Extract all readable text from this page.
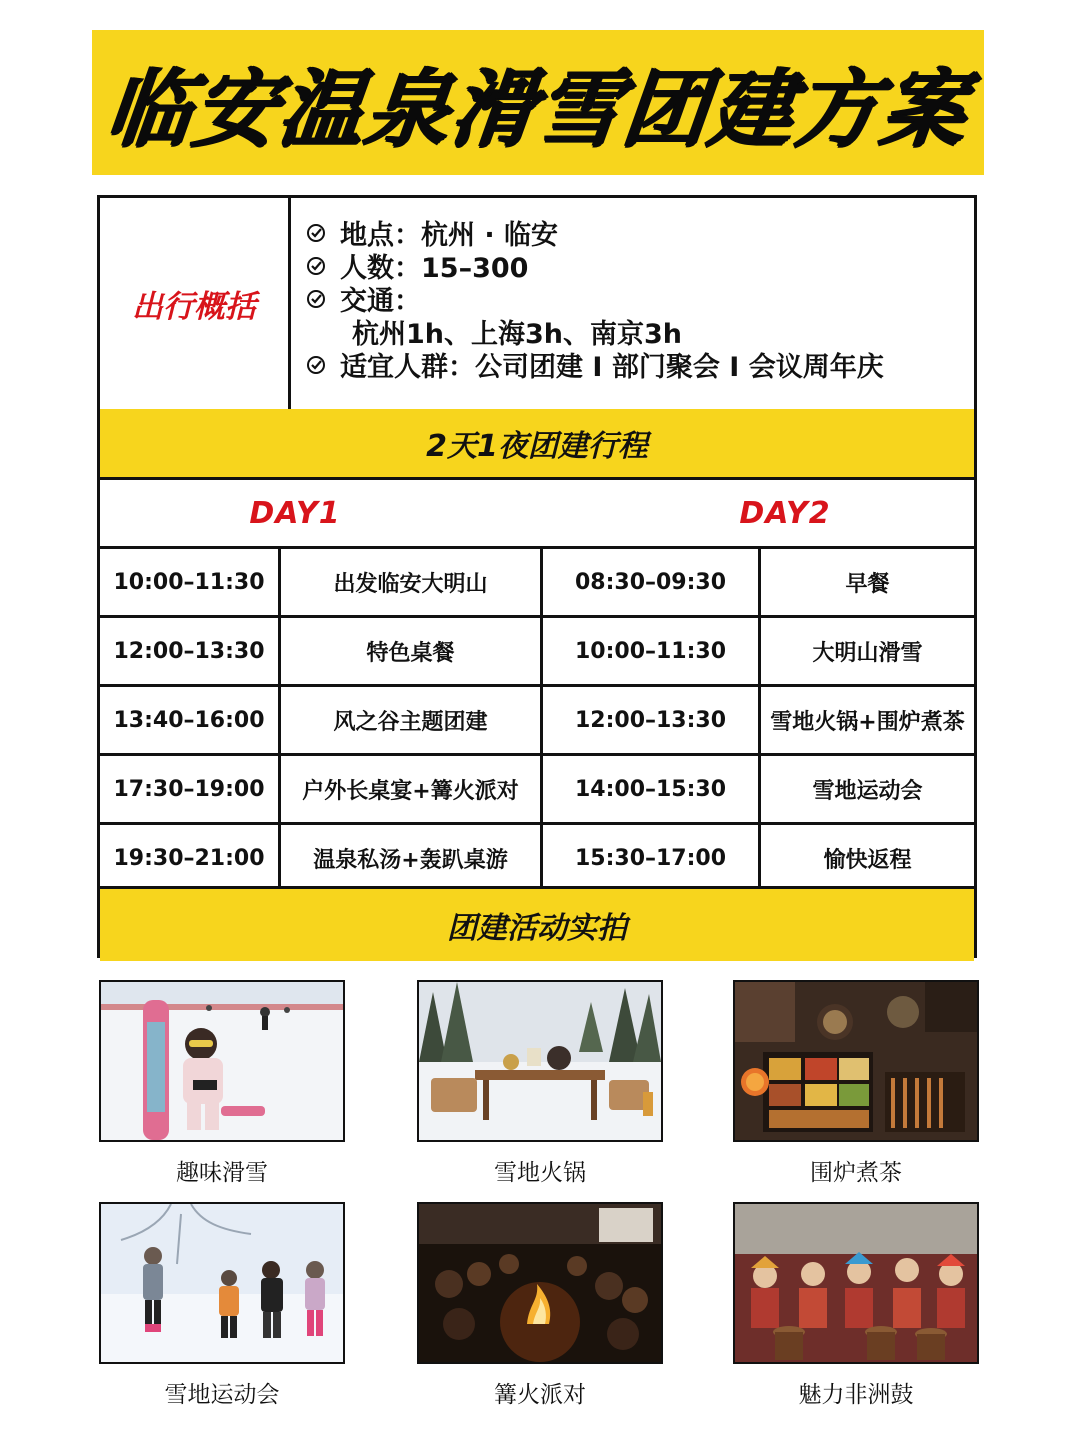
临安温泉滑雪团建方案
出行概括
地点：杭州 · 临安
人数：15–300
交通：
杭州1h、上海3h、南京3h
适宜人群：公司团建 I 部门聚会 I 会议周年庆
2天1夜团建行程
DAY1	DAY2
10:00–11:30	出发临安大明山	08:30–09:30	早餐
12:00–13:30	特色桌餐	10:00–11:30	大明山滑雪
13:40–16:00	风之谷主题团建	12:00–13:30	雪地火锅+围炉煮茶
17:30–19:00	户外长桌宴+篝火派对	14:00–15:30	雪地运动会
19:30–21:00	温泉私汤+轰趴桌游	15:30–17:00	愉快返程
团建活动实拍
趣味滑雪	雪地火锅	围炉煮茶
雪地运动会	篝火派对	魅力非洲鼓
